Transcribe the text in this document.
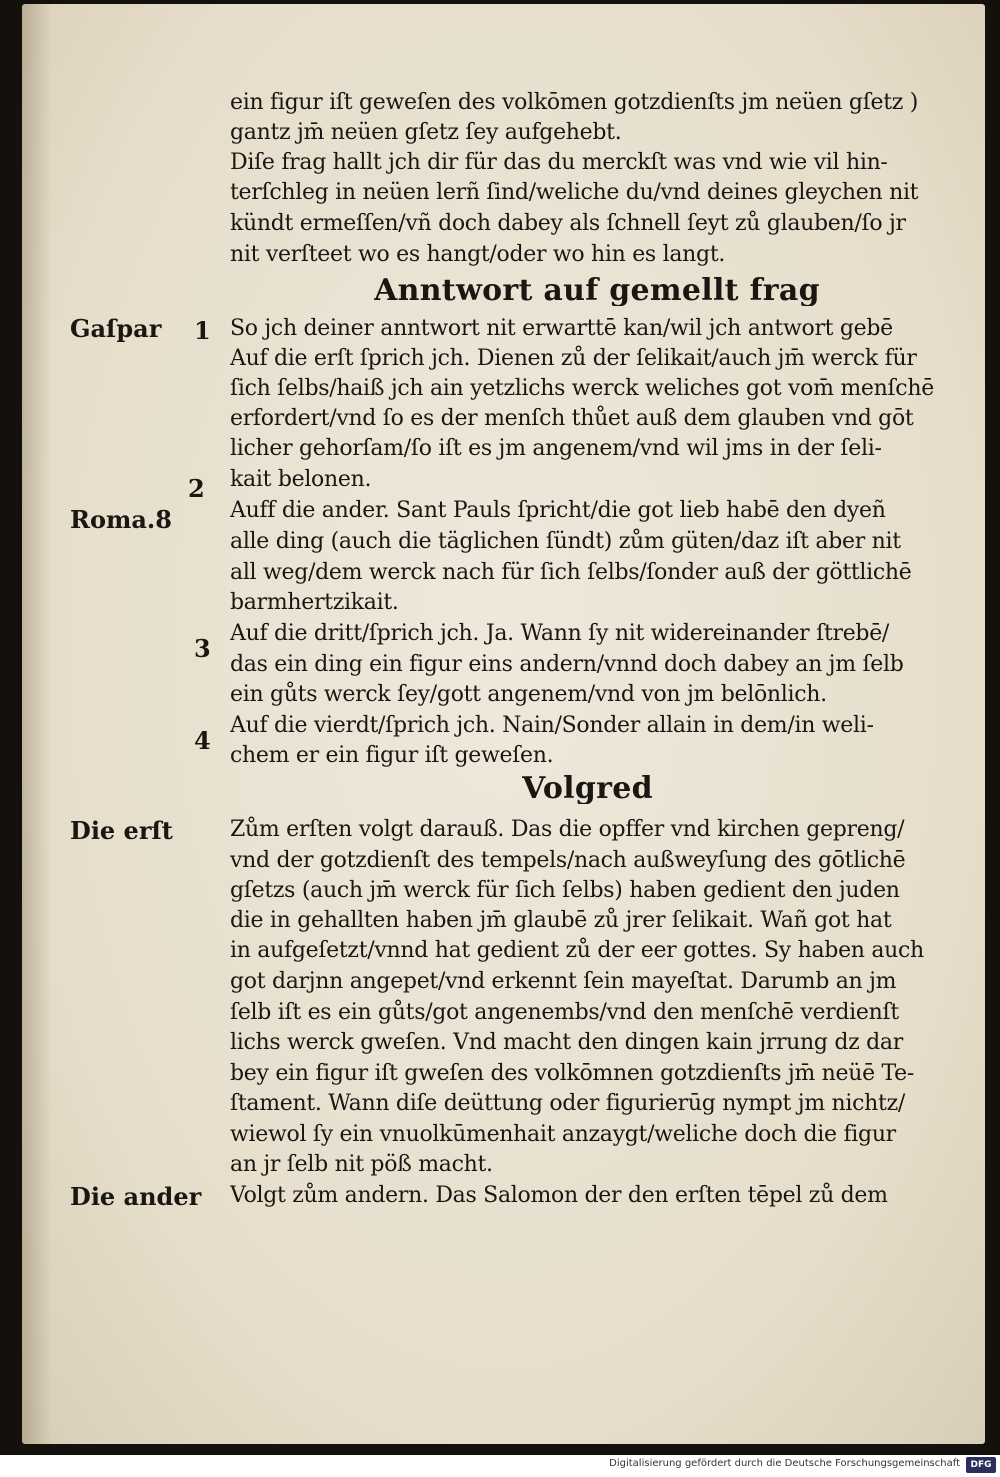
ein figur iſt geweſen des volkōmen gotzdienſts jm neüen gſetz )
gantz jm̄ neüen gſetz ſey aufgehebt.
Diſe frag hallt jch dir für das du merckſt was vnd wie vil hin-
terſchleg in neüen lerñ ſind/weliche du/vnd deines gleychen nit
kündt ermeſſen/vñ doch dabey als ſchnell ſeyt zů glauben/ſo jr
nit verſteet wo es hangt/oder wo hin es langt.
Anntwort auf gemellt frag
So jch deiner anntwort nit erwarttē kan/wil jch antwort gebē
Auf die erſt ſprich jch. Dienen zů der ſelikait/auch jm̄ werck für
ſich ſelbs/haiß jch ain yetzlichs werck weliches got vom̄ menſchē
erfordert/vnd ſo es der menſch thůet auß dem glauben vnd gōt
licher gehorſam/ſo iſt es jm angenem/vnd wil jms in der ſeli-
kait belonen.
Auff die ander. Sant Pauls ſpricht/die got lieb habē den dyeñ
alle ding (auch die täglichen ſündt) zům güten/daz iſt aber nit
all weg/dem werck nach für ſich ſelbs/ſonder auß der göttlichē
barmhertzikait.
Auf die dritt/ſprich jch. Ja. Wann ſy nit widereinander ſtrebē/
das ein ding ein figur eins andern/vnnd doch dabey an jm ſelb
ein gůts werck ſey/gott angenem/vnd von jm belōnlich.
Auf die vierdt/ſprich jch. Nain/Sonder allain in dem/in weli-
chem er ein figur iſt geweſen.
Volgred
Zům erſten volgt darauß. Das die opffer vnd kirchen gepreng/
vnd der gotzdienſt des tempels/nach außweyſung des gōtlichē
gſetzs (auch jm̄ werck für ſich ſelbs) haben gedient den juden
die in gehallten haben jm̄ glaubē zů jrer ſelikait. Wañ got hat
in aufgeſetzt/vnnd hat gedient zů der eer gottes. Sy haben auch
got darjnn angepet/vnd erkennt ſein mayeſtat. Darumb an jm
ſelb iſt es ein gůts/got angenembs/vnd den menſchē verdienſt
lichs werck gweſen. Vnd macht den dingen kain jrrung dz dar
bey ein figur iſt gweſen des volkōmnen gotzdienſts jm̄ neüē Te-
ſtament. Wann diſe deüttung oder figurierūg nympt jm nichtz/
wiewol ſy ein vnuolkūmenhait anzaygt/weliche doch die figur
an jr ſelb nit pöß macht.
Volgt zům andern. Das Salomon der den erſten tēpel zů dem
Gaſpar 1
2
Roma.8
3
4
Die erſt
Die ander
Digitalisierung gefördert durch die Deutsche Forschungsgemeinschaft	DFG
